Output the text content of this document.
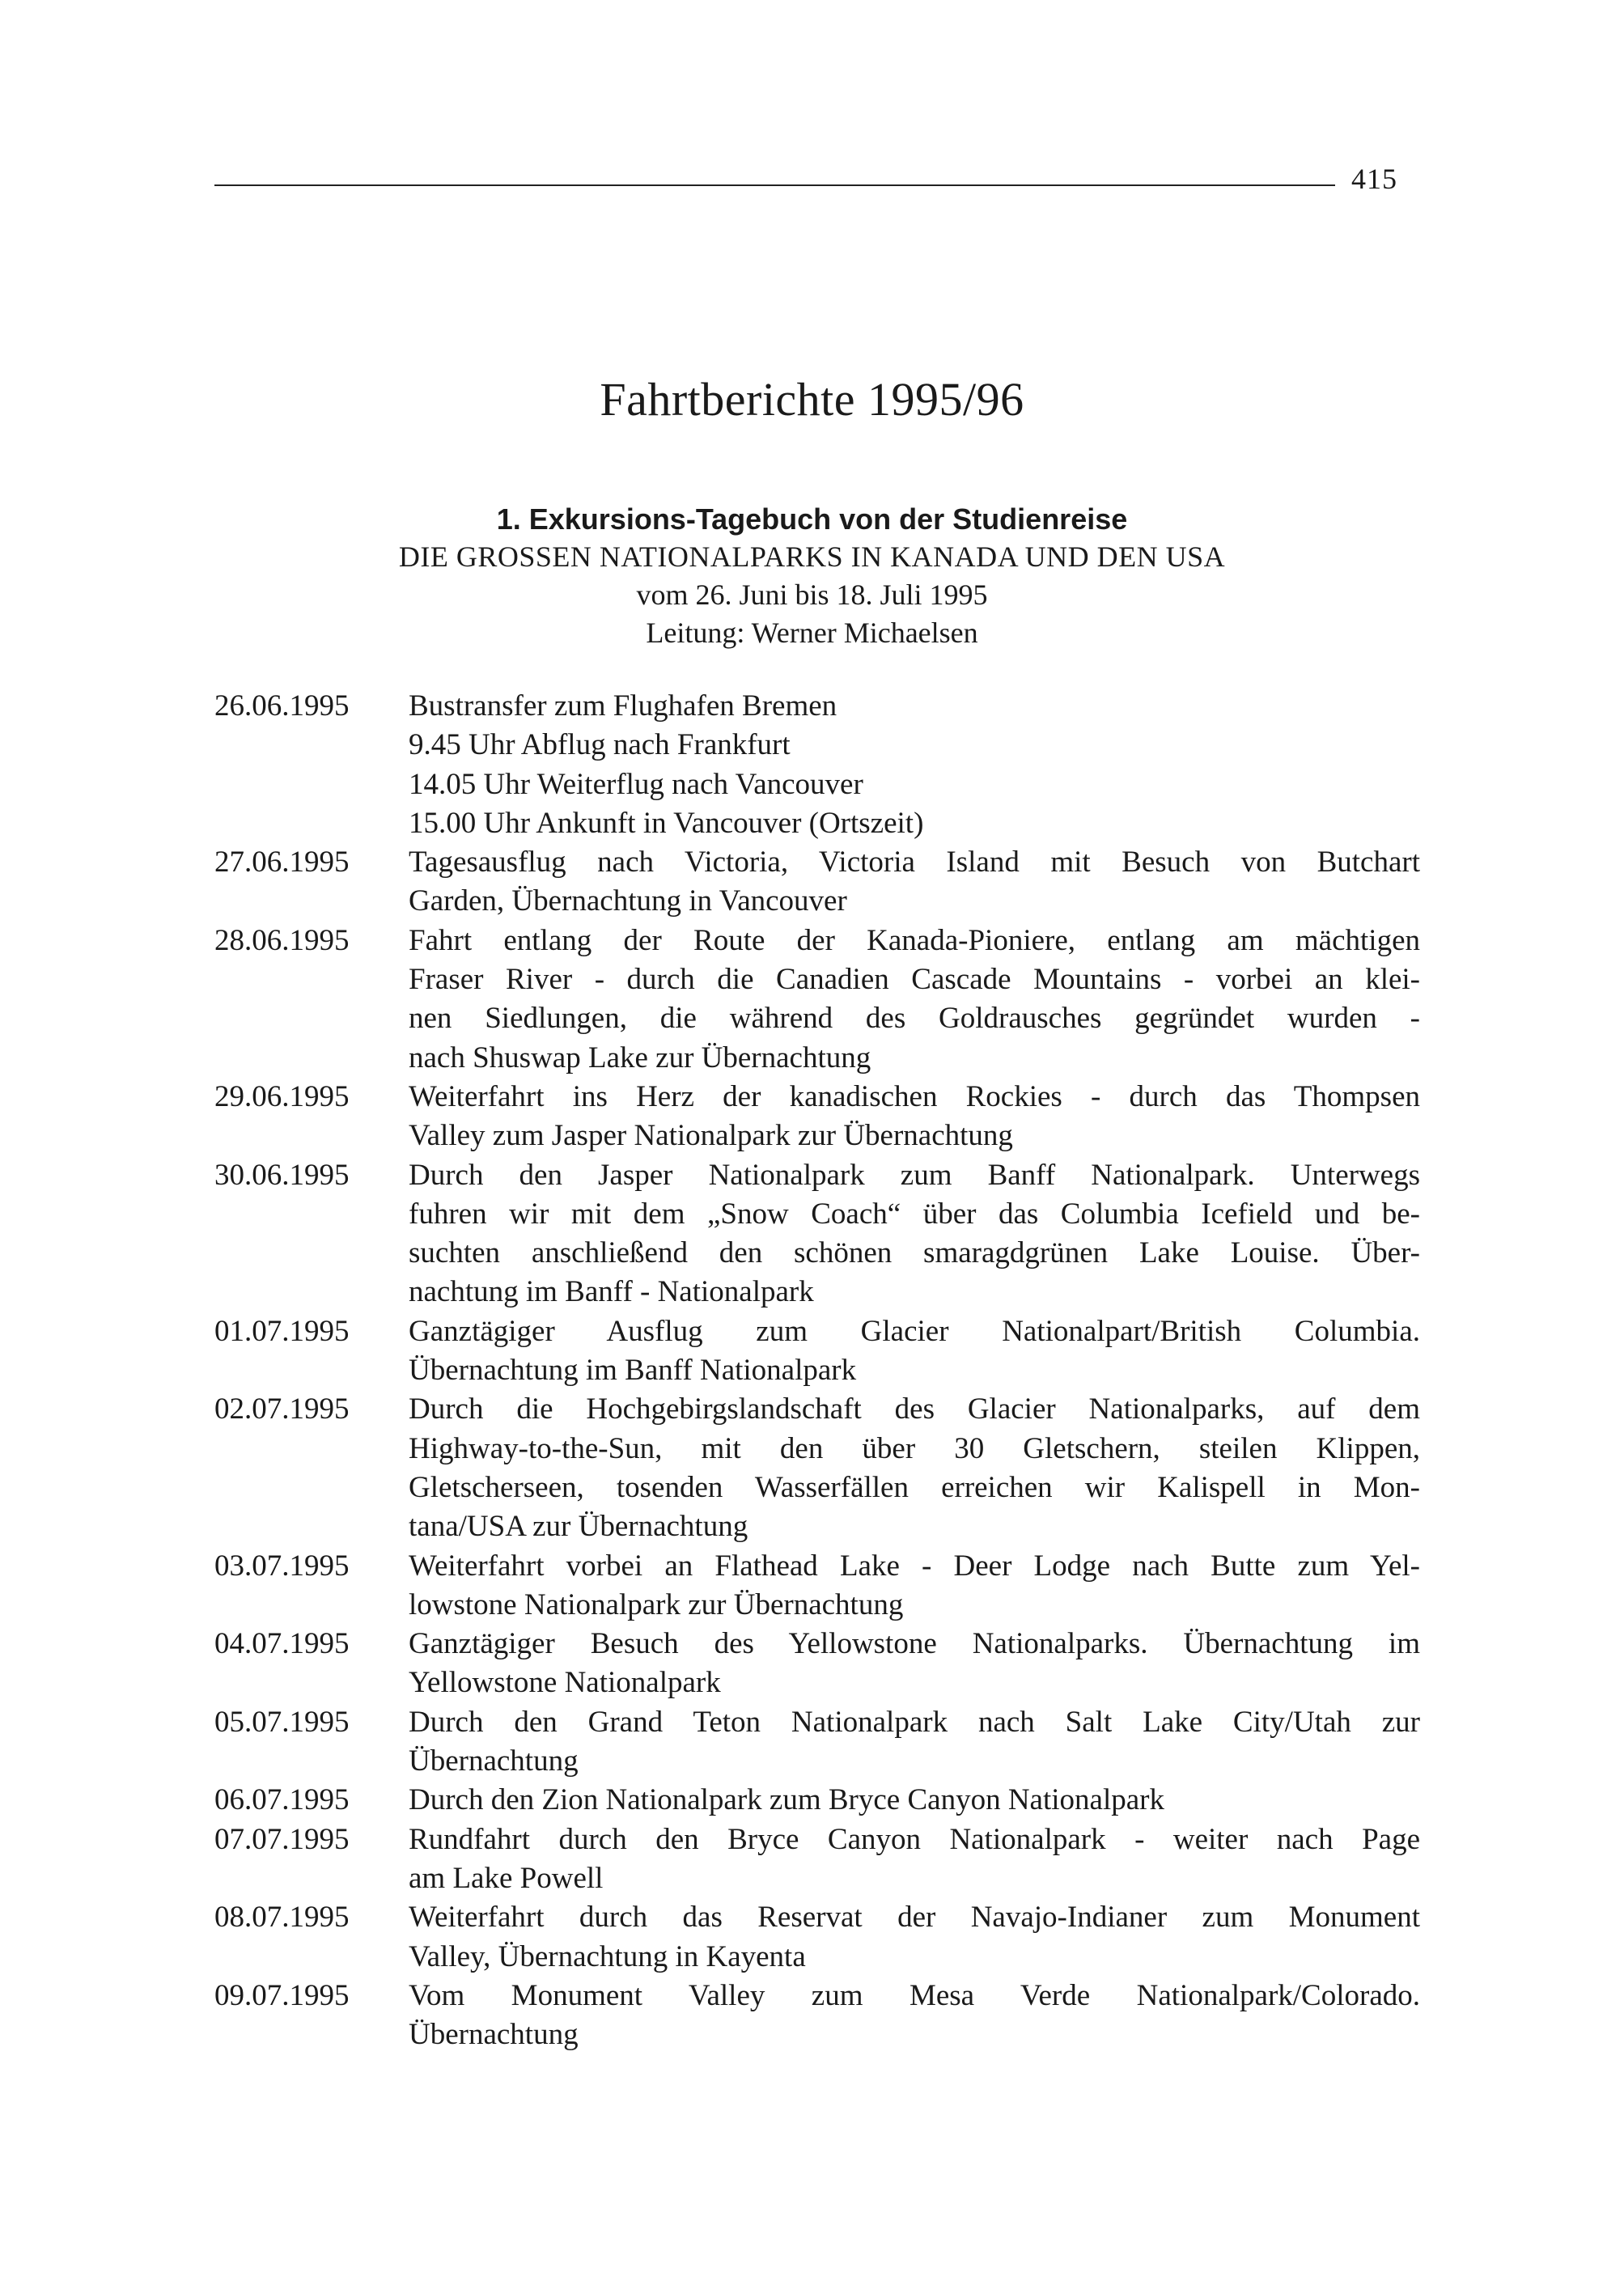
415
Fahrtberichte 1995/96
1. Exkursions-Tagebuch von der Studienreise
DIE GROSSEN NATIONALPARKS IN KANADA UND DEN USA
vom 26. Juni bis 18. Juli 1995
Leitung: Werner Michaelsen
26.06.1995	Bustransfer zum Flughafen Bremen
9.45 Uhr Abflug nach Frankfurt
14.05 Uhr Weiterflug nach Vancouver
15.00 Uhr Ankunft in Vancouver (Ortszeit)
27.06.1995	Tagesausflug nach Victoria, Victoria Island mit Besuch von Butchart
Garden, Übernachtung in Vancouver
28.06.1995	Fahrt entlang der Route der Kanada-Pioniere, entlang am mächtigen
Fraser River - durch die Canadien Cascade Mountains - vorbei an klei-
nen Siedlungen, die während des Goldrausches gegründet wurden -
nach Shuswap Lake zur Übernachtung
29.06.1995	Weiterfahrt ins Herz der kanadischen Rockies - durch das Thompsen
Valley zum Jasper Nationalpark zur Übernachtung
30.06.1995	Durch den Jasper Nationalpark zum Banff Nationalpark. Unterwegs
fuhren wir mit dem „Snow Coach“ über das Columbia Icefield und be-
suchten anschließend den schönen smaragdgrünen Lake Louise. Über-
nachtung im Banff - Nationalpark
01.07.1995	Ganztägiger Ausflug zum Glacier Nationalpart/British Columbia.
Übernachtung im Banff Nationalpark
02.07.1995	Durch die Hochgebirgslandschaft des Glacier Nationalparks, auf dem
Highway-to-the-Sun, mit den über 30 Gletschern, steilen Klippen,
Gletscherseen, tosenden Wasserfällen erreichen wir Kalispell in Mon-
tana/USA zur Übernachtung
03.07.1995	Weiterfahrt vorbei an Flathead Lake - Deer Lodge nach Butte zum Yel-
lowstone Nationalpark zur Übernachtung
04.07.1995	Ganztägiger Besuch des Yellowstone Nationalparks. Übernachtung im
Yellowstone Nationalpark
05.07.1995	Durch den Grand Teton Nationalpark nach Salt Lake City/Utah zur
Übernachtung
06.07.1995	Durch den Zion Nationalpark zum Bryce Canyon Nationalpark
07.07.1995	Rundfahrt durch den Bryce Canyon Nationalpark - weiter nach Page
am Lake Powell
08.07.1995	Weiterfahrt durch das Reservat der Navajo-Indianer zum Monument
Valley, Übernachtung in Kayenta
09.07.1995	Vom Monument Valley zum Mesa Verde Nationalpark/Colorado.
Übernachtung
